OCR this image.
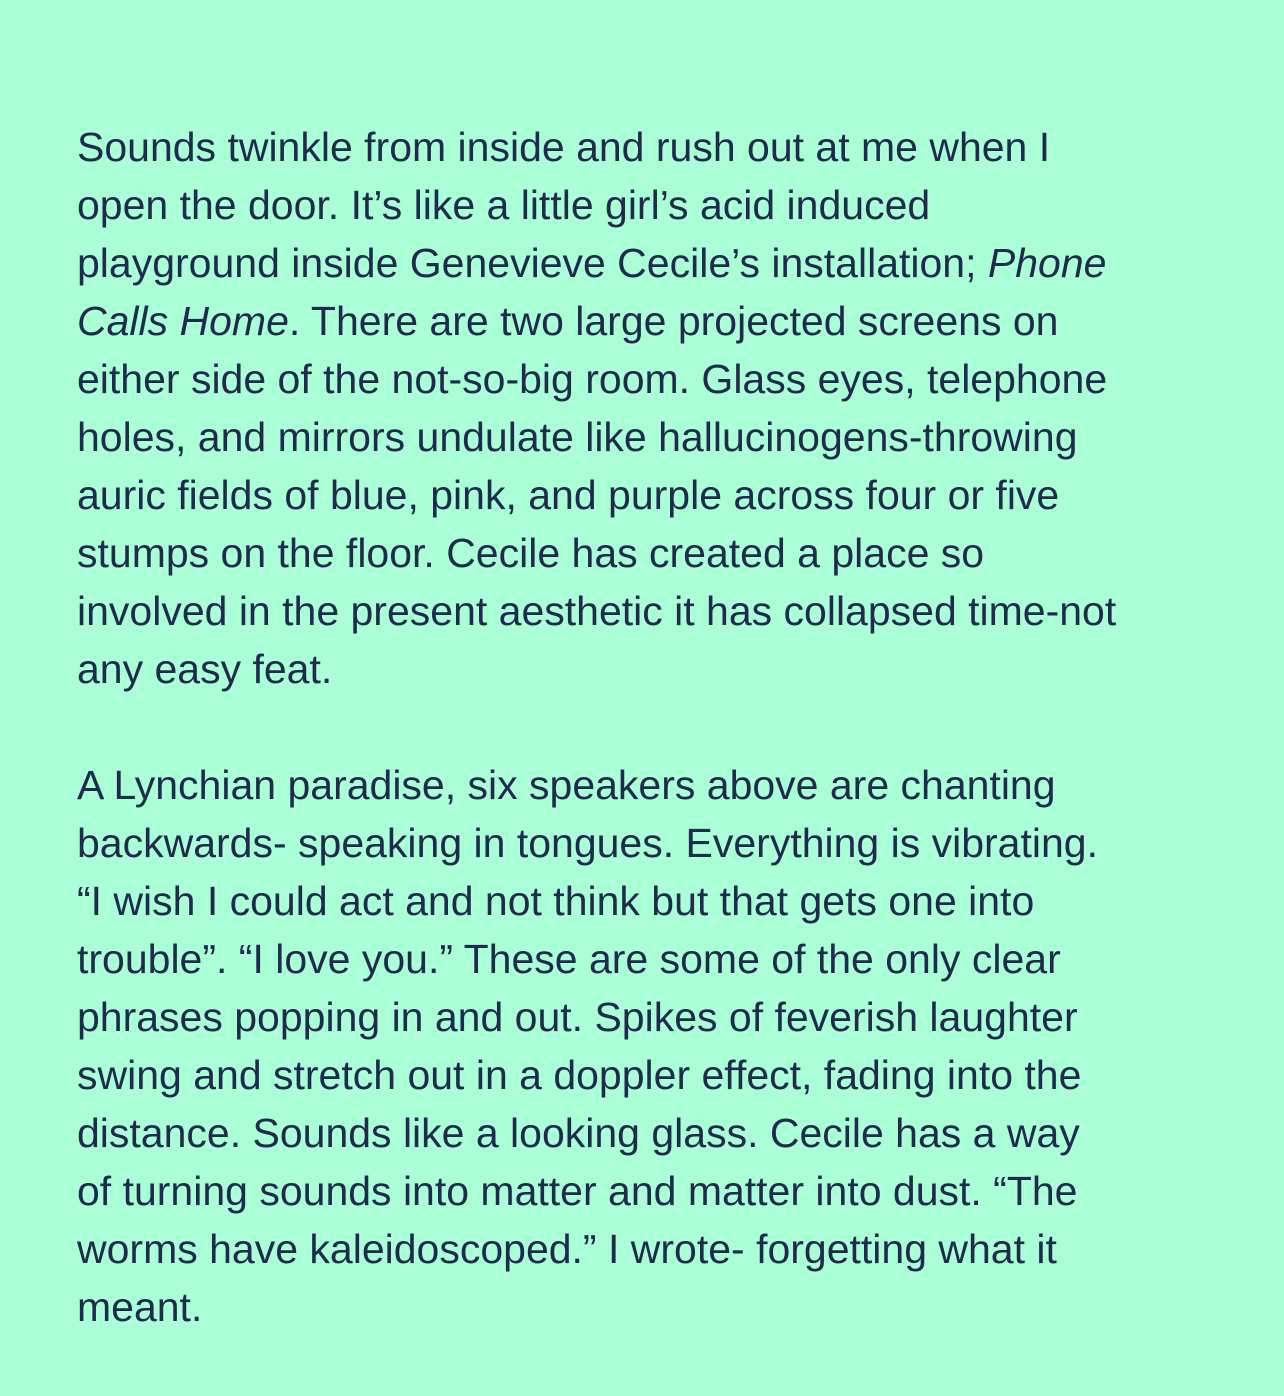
Sounds twinkle from inside and rush out at me when I
open the door. It’s like a little girl’s acid induced
playground inside Genevieve Cecile’s installation; Phone
Calls Home. There are two large projected screens on
either side of the not-so-big room. Glass eyes, telephone
holes, and mirrors undulate like hallucinogens-throwing
auric fields of blue, pink, and purple across four or five
stumps on the floor. Cecile has created a place so
involved in the present aesthetic it has collapsed time-not
any easy feat.

A Lynchian paradise, six speakers above are chanting
backwards- speaking in tongues. Everything is vibrating.
“I wish I could act and not think but that gets one into
trouble”. “I love you.” These are some of the only clear
phrases popping in and out. Spikes of feverish laughter
swing and stretch out in a doppler effect, fading into the
distance. Sounds like a looking glass. Cecile has a way
of turning sounds into matter and matter into dust. “The
worms have kaleidoscoped.” I wrote- forgetting what it
meant.
